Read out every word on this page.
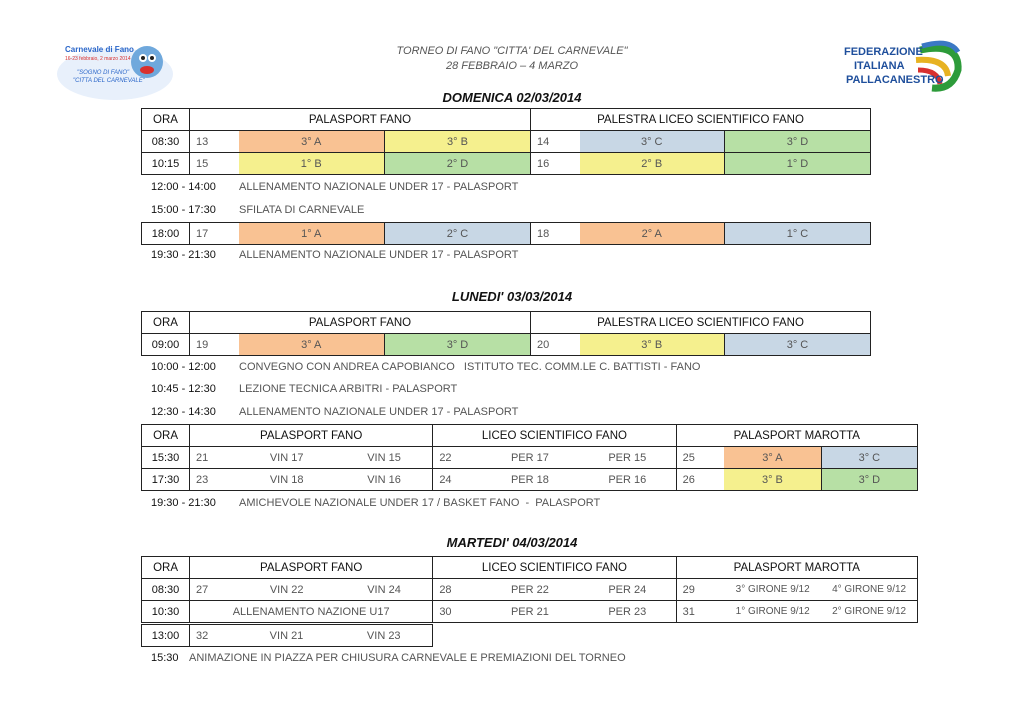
Carnevale di Fano
16-23 febbraio, 2 marzo 2014
"SOGNO DI FANO"
"CITTA DEL CARNEVALE"
TORNEO DI FANO "CITTA' DEL CARNEVALE"
28 FEBBRAIO – 4 MARZO
FEDERAZIONE
ITALIANA
PALLACANESTRO
DOMENICA 02/03/2014
ORA	PALASPORT FANO			PALESTRA LICEO SCIENTIFICO FANO		
08:30	13	3° A	3° B	14	3° C	3° D
10:15	15	1° B	2° D	16	2° B	1° D
12:00 - 14:00 ALLENAMENTO NAZIONALE UNDER 17 - PALASPORT
15:00 - 17:30 SFILATA DI CARNEVALE
18:00	17	1° A	2° C	18	2° A	1° C
19:30 - 21:30 ALLENAMENTO NAZIONALE UNDER 17 - PALASPORT
LUNEDI' 03/03/2014
ORA	PALASPORT FANO			PALESTRA LICEO SCIENTIFICO FANO		
09:00	19	3° A	3° D	20	3° B	3° C
10:00 - 12:00 CONVEGNO CON ANDREA CAPOBIANCO   ISTITUTO TEC. COMM.LE C. BATTISTI - FANO
10:45 - 12:30 LEZIONE TECNICA ARBITRI - PALASPORT
12:30 - 14:30 ALLENAMENTO NAZIONALE UNDER 17 - PALASPORT
ORA	PALASPORT FANO			LICEO SCIENTIFICO FANO			PALASPORT MAROTTA		
15:30	21	VIN 17	VIN 15	22	PER 17	PER 15	25	3° A	3° C
17:30	23	VIN 18	VIN 16	24	PER 18	PER 16	26	3° B	3° D
19:30 - 21:30 AMICHEVOLE NAZIONALE UNDER 17 / BASKET FANO  -  PALASPORT
MARTEDI' 04/03/2014
ORA	PALASPORT FANO			LICEO SCIENTIFICO FANO			PALASPORT MAROTTA		
08:30	27	VIN 22	VIN 24	28	PER 22	PER 24	29	3° GIRONE 9/12	4° GIRONE 9/12
10:30	ALLENAMENTO NAZIONE U17			30	PER 21	PER 23	31	1° GIRONE 9/12	2° GIRONE 9/12
13:00	32	VIN 21	VIN 23
15:30 ANIMAZIONE IN PIAZZA PER CHIUSURA CARNEVALE E PREMIAZIONI DEL TORNEO
